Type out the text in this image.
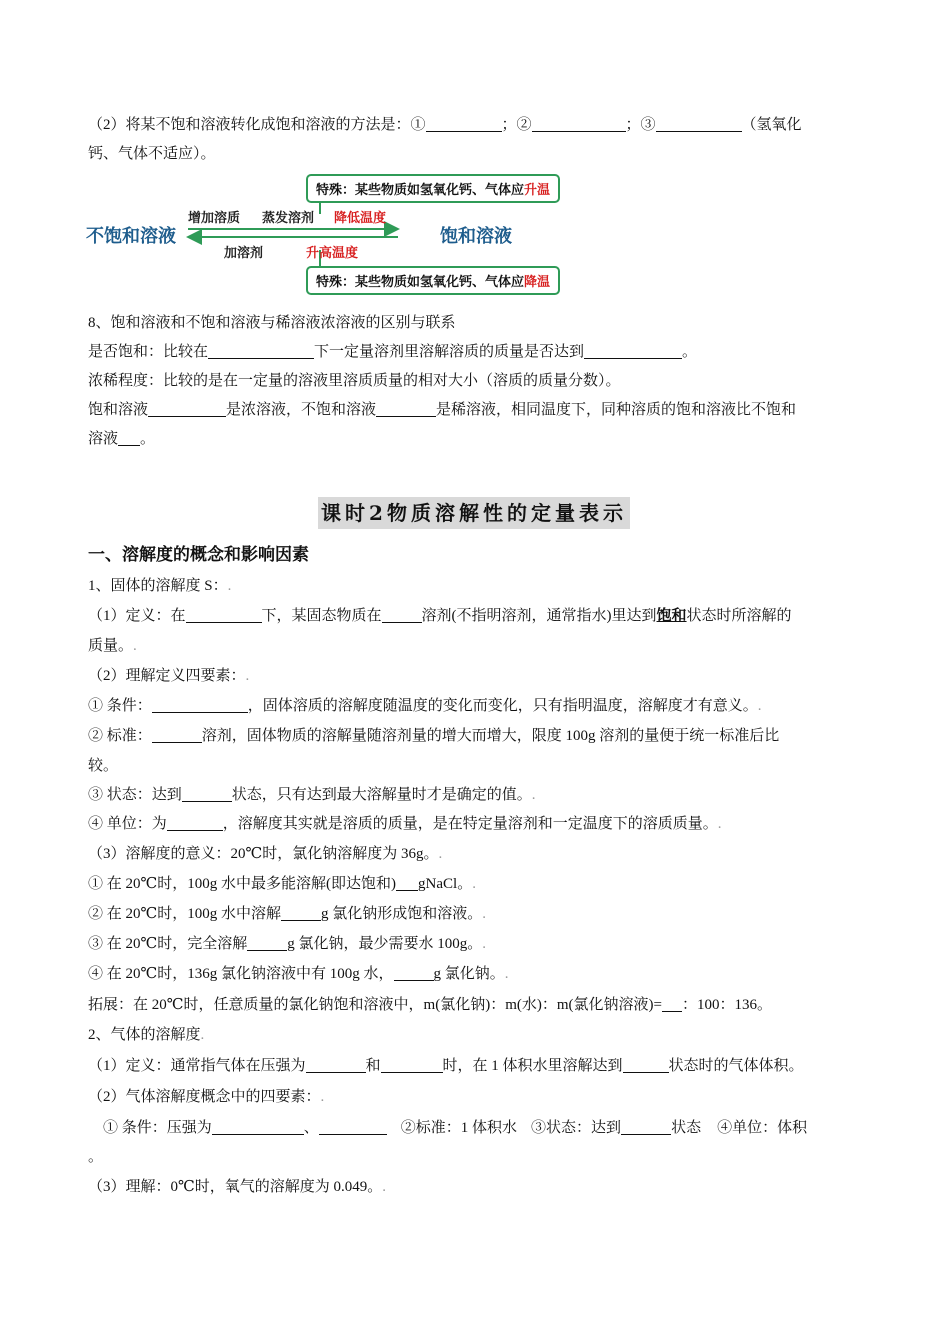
（2）将某不饱和溶液转化成饱和溶液的方法是：①	；②	；③	（氢氧化
钙、气体不适应）。
不饱和溶液	饱和溶液
增加溶质 蒸发溶剂 降低温度
加溶剂	升高温度
特殊：某些物质如氢氧化钙、气体应升温
特殊：某些物质如氢氧化钙、气体应降温
8、饱和溶液和不饱和溶液与稀溶液浓溶液的区别与联系
是否饱和：比较在	下一定量溶剂里溶解溶质的质量是否达到	。
浓稀程度：比较的是在一定量的溶液里溶质质量的相对大小（溶质的质量分数）。
饱和溶液	是浓溶液，不饱和溶液	是稀溶液，相同温度下，同种溶质的饱和溶液比不饱和
溶液 。
课时2物质溶解性的定量表示
一、溶解度的概念和影响因素
1、固体的溶解度 S：.
（1）定义：在	下，某固态物质在	溶剂(不指明溶剂，通常指水)里达到饱和状态时所溶解的
质量。.
（2）理解定义四要素：.
① 条件：	，固体溶质的溶解度随温度的变化而变化，只有指明温度，溶解度才有意义。.
② 标准：	溶剂，固体物质的溶解量随溶剂量的增大而增大，限度 100g 溶剂的量便于统一标准后比
较。
③ 状态：达到	状态，只有达到最大溶解量时才是确定的值。.
④ 单位：为	，溶解度其实就是溶质的质量，是在特定量溶剂和一定温度下的溶质质量。.
（3）溶解度的意义：20℃时，氯化钠溶解度为 36g。.
① 在 20℃时，100g 水中最多能溶解(即达饱和) gNaCl。.
② 在 20℃时，100g 水中溶解	g 氯化钠形成饱和溶液。.
③ 在 20℃时，完全溶解	g 氯化钠，最少需要水 100g。.
④ 在 20℃时，136g 氯化钠溶液中有 100g 水，	g 氯化钠。.
拓展：在 20℃时，任意质量的氯化钠饱和溶液中，m(氯化钠)：m(水)：m(氯化钠溶液)= ：100：136。
2、气体的溶解度.
（1）定义：通常指气体在压强为	和	时，在 1 体积水里溶解达到	状态时的气体体积。
（2）气体溶解度概念中的四要素：.
① 条件：压强为	、	②标准：1 体积水 ③状态：达到	状态 ④单位：体积
。
（3）理解：0℃时，氧气的溶解度为 0.049。.
